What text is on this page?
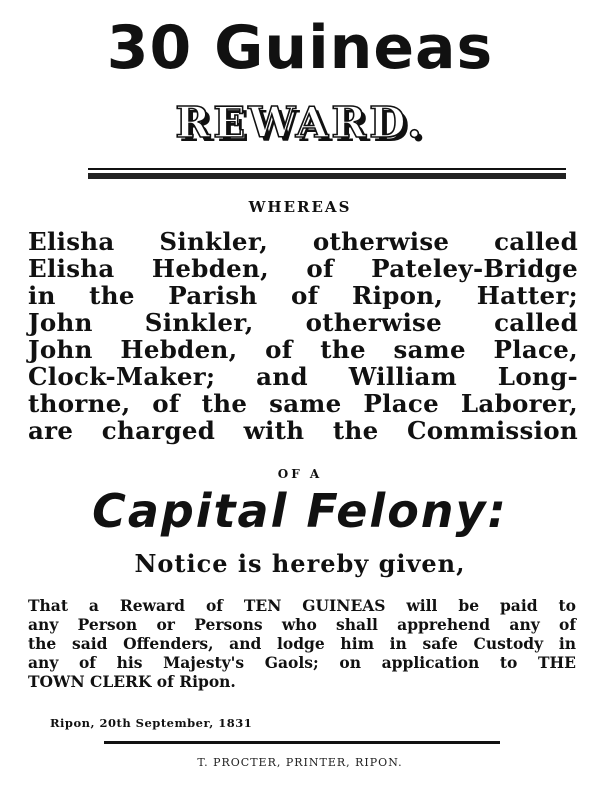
30 Guineas
REWARD.
WHEREAS
Elisha Sinkler, otherwise called
Elisha Hebden, of Pateley-Bridge
in the Parish of Ripon, Hatter;
John Sinkler, otherwise called
John Hebden, of the same Place,
Clock-Maker; and William Long-
thorne, of the same Place Laborer,
are charged with the Commission
OF A
Capital Felony:
Notice is hereby given,
That a Reward of TEN GUINEAS will be paid to
any Person or Persons who shall apprehend any of
the said Offenders, and lodge him in safe Custody in
any of his Majesty's Gaols; on application to THE
TOWN CLERK of Ripon.
Ripon, 20th September, 1831
T. PROCTER, PRINTER, RIPON.
